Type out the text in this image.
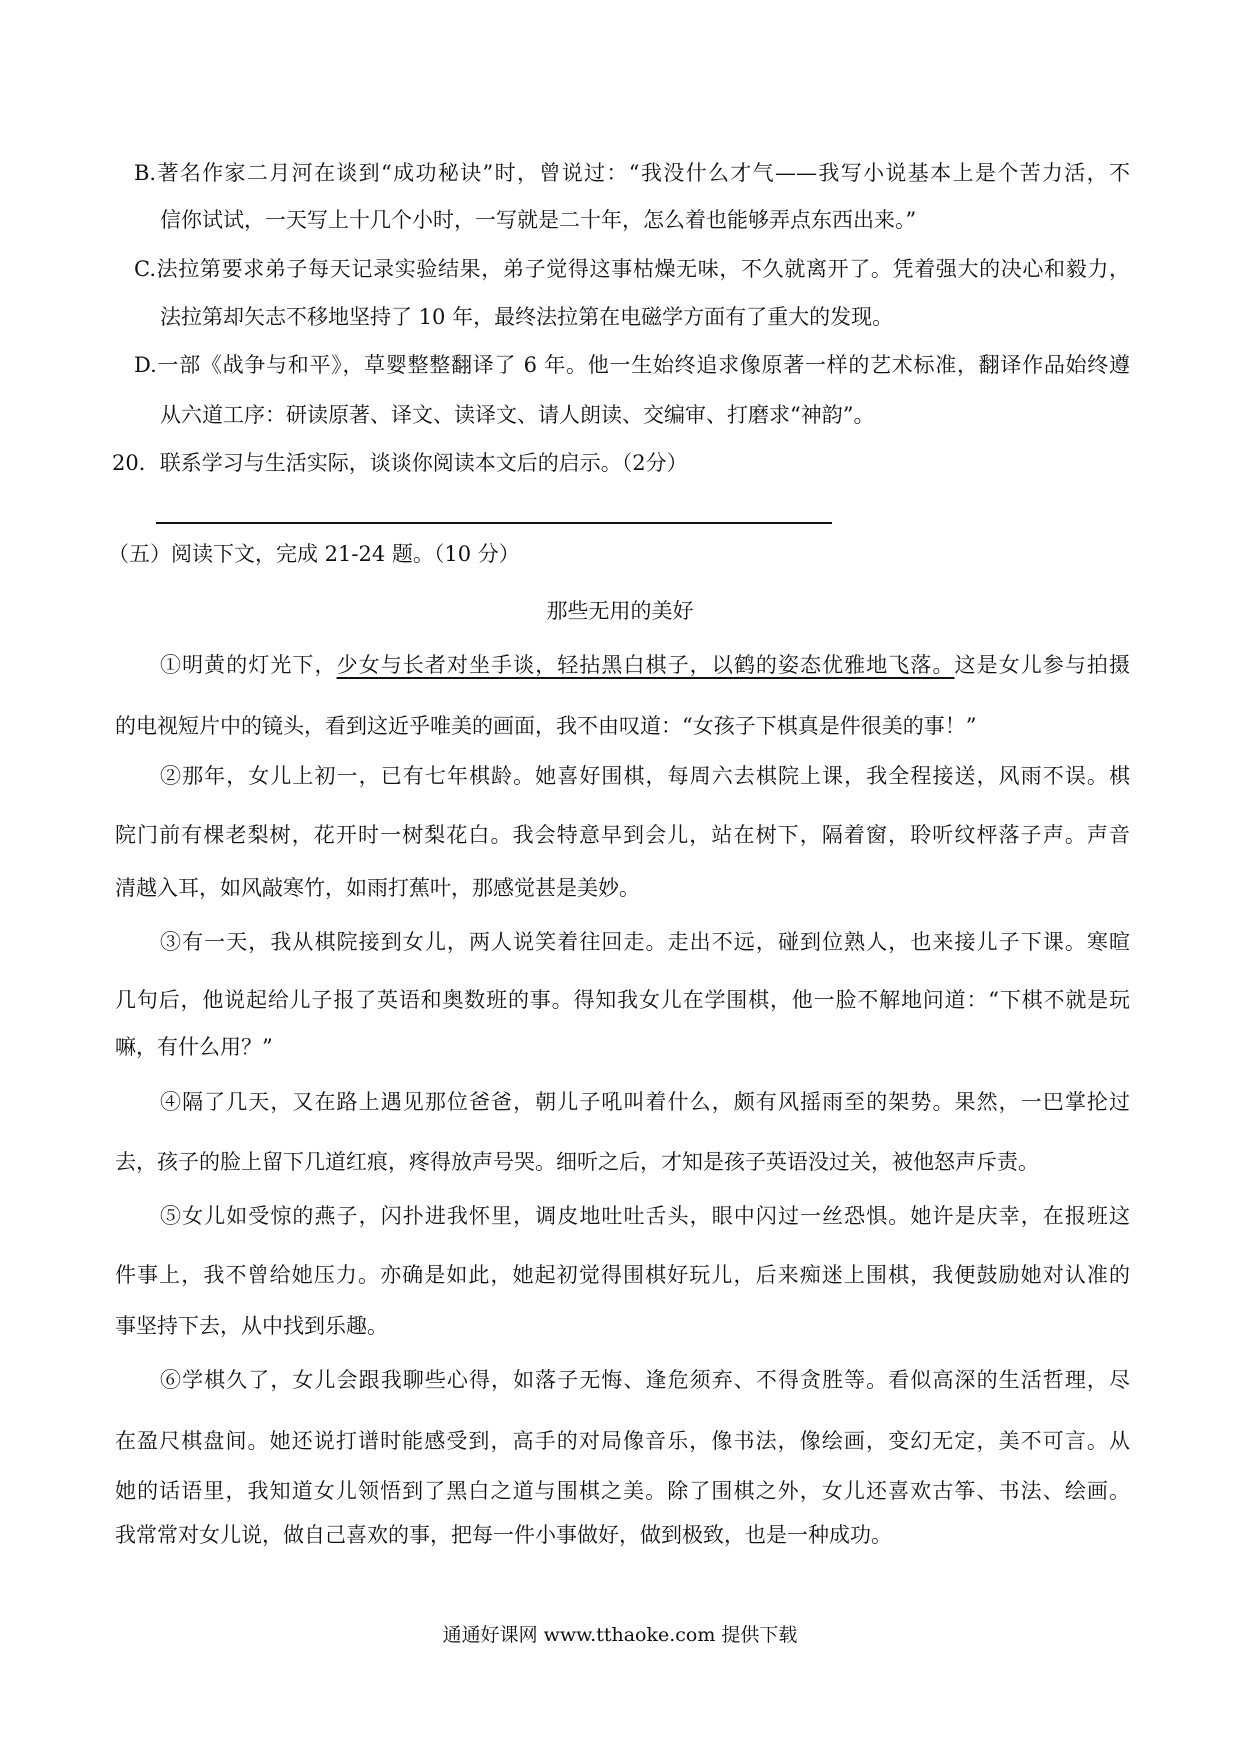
B.著名作家二月河在谈到“成功秘诀”时，曾说过：“我没什么才气——我写小说基本上是个苦力活，不
信你试试，一天写上十几个小时，一写就是二十年，怎么着也能够弄点东西出来。”
C.法拉第要求弟子每天记录实验结果，弟子觉得这事枯燥无味，不久就离开了。凭着强大的决心和毅力，
法拉第却矢志不移地坚持了 10 年，最终法拉第在电磁学方面有了重大的发现。
D.一部《战争与和平》，草婴整整翻译了 6 年。他一生始终追求像原著一样的艺术标准，翻译作品始终遵
从六道工序：研读原著、译文、读译文、请人朗读、交编审、打磨求“神韵”。
20．联系学习与生活实际，谈谈你阅读本文后的启示。（2分）
（五）阅读下文，完成 21-24 题。（10 分）
那些无用的美好
①明黄的灯光下，少女与长者对坐手谈，轻拈黑白棋子，以鹤的姿态优雅地飞落。这是女儿参与拍摄
的电视短片中的镜头，看到这近乎唯美的画面，我不由叹道：“女孩子下棋真是件很美的事！”
②那年，女儿上初一，已有七年棋龄。她喜好围棋，每周六去棋院上课，我全程接送，风雨不误。棋
院门前有棵老梨树，花开时一树梨花白。我会特意早到会儿，站在树下，隔着窗，聆听纹枰落子声。声音
清越入耳，如风敲寒竹，如雨打蕉叶，那感觉甚是美妙。
③有一天，我从棋院接到女儿，两人说笑着往回走。走出不远，碰到位熟人，也来接儿子下课。寒暄
几句后，他说起给儿子报了英语和奥数班的事。得知我女儿在学围棋，他一脸不解地问道：“下棋不就是玩
嘛，有什么用？”
④隔了几天，又在路上遇见那位爸爸，朝儿子吼叫着什么，颇有风摇雨至的架势。果然，一巴掌抡过
去，孩子的脸上留下几道红痕，疼得放声号哭。细听之后，才知是孩子英语没过关，被他怒声斥责。
⑤女儿如受惊的燕子，闪扑进我怀里，调皮地吐吐舌头，眼中闪过一丝恐惧。她许是庆幸，在报班这
件事上，我不曾给她压力。亦确是如此，她起初觉得围棋好玩儿，后来痴迷上围棋，我便鼓励她对认准的
事坚持下去，从中找到乐趣。
⑥学棋久了，女儿会跟我聊些心得，如落子无悔、逢危须弃、不得贪胜等。看似高深的生活哲理，尽
在盈尺棋盘间。她还说打谱时能感受到，高手的对局像音乐，像书法，像绘画，变幻无定，美不可言。从
她的话语里，我知道女儿领悟到了黑白之道与围棋之美。除了围棋之外，女儿还喜欢古筝、书法、绘画。
我常常对女儿说，做自己喜欢的事，把每一件小事做好，做到极致，也是一种成功。
通通好课网 www.tthaoke.com 提供下载
